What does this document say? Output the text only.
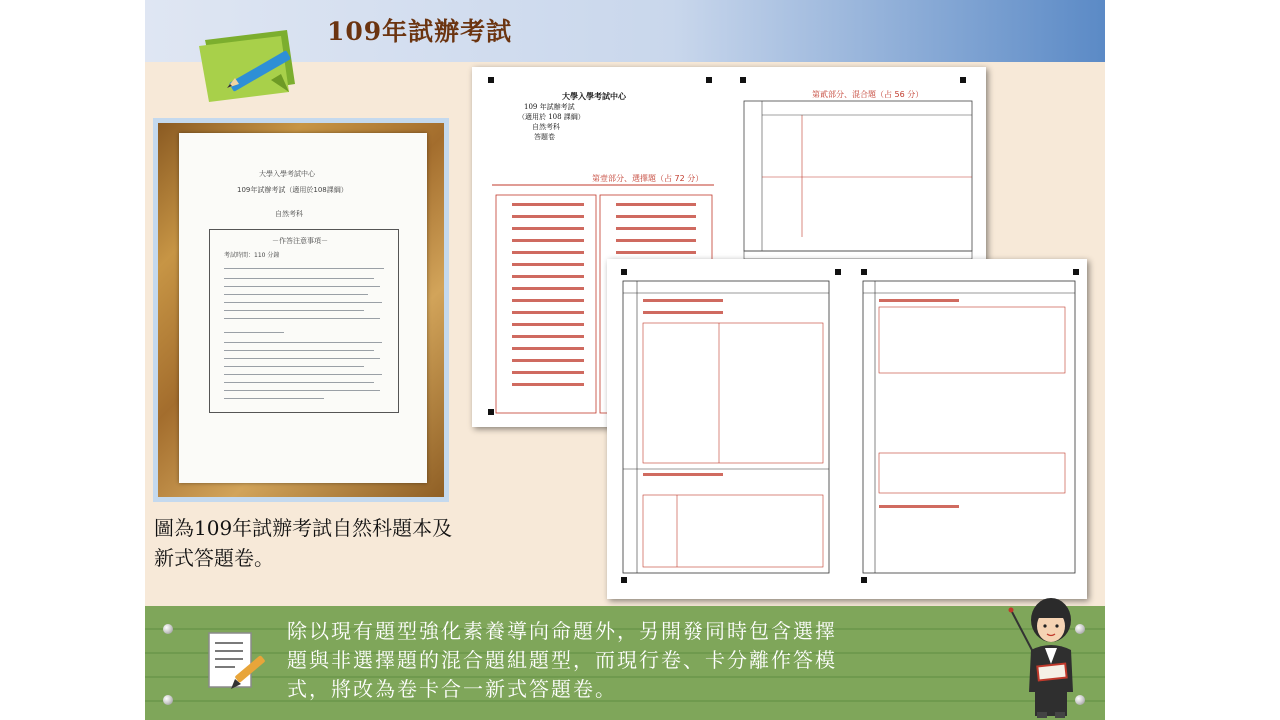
109年試辦考試
大學入學考試中心
109年試辦考試（適用於108課綱）
自然考科
－作答注意事項－
考試時間：110 分鐘
圖為109年試辦考試自然科題本及
新式答題卷。
大學入學考試中心
109 年試辦考試
（適用於 108 課綱）
自然考科
答題卷
第壹部分、選擇題（占 72 分）
第貳部分、混合題（占 56 分）
除以現有題型強化素養導向命題外，另開發同時包含選擇
題與非選擇題的混合題組題型，而現行卷、卡分離作答模
式，將改為卷卡合一新式答題卷。
